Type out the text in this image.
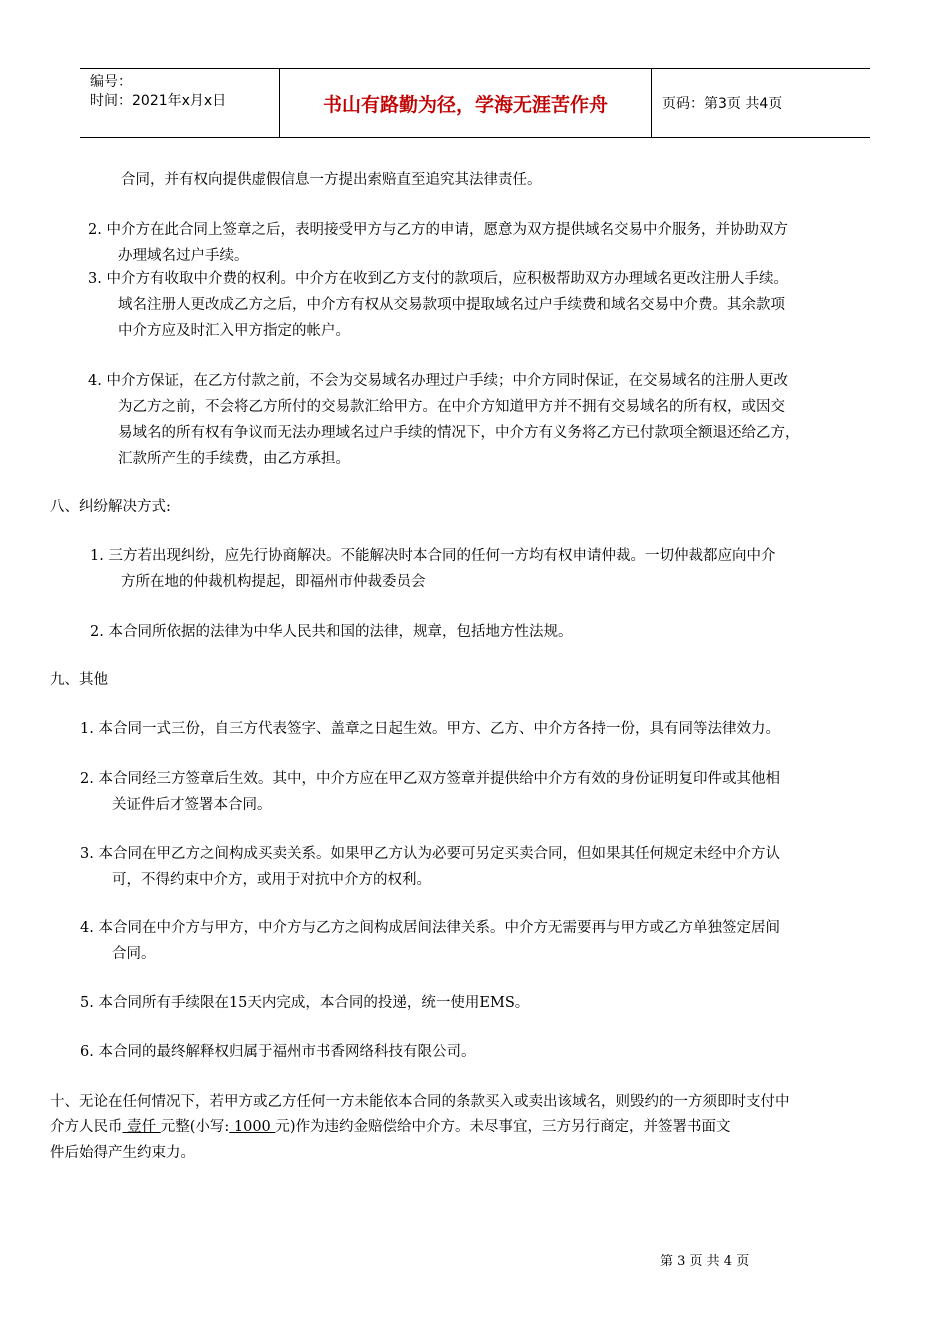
编号：
时间：2021年x月x日	书山有路勤为径，学海无涯苦作舟	页码：第3页 共4页
合同，并有权向提供虚假信息一方提出索赔直至追究其法律责任。
2. 中介方在此合同上签章之后，表明接受甲方与乙方的申请，愿意为双方提供域名交易中介服务，并协助双方
办理域名过户手续。
3. 中介方有收取中介费的权利。中介方在收到乙方支付的款项后，应积极帮助双方办理域名更改注册人手续。
域名注册人更改成乙方之后，中介方有权从交易款项中提取域名过户手续费和域名交易中介费。其余款项
中介方应及时汇入甲方指定的帐户。
4. 中介方保证，在乙方付款之前，不会为交易域名办理过户手续；中介方同时保证，在交易域名的注册人更改
为乙方之前，不会将乙方所付的交易款汇给甲方。在中介方知道甲方并不拥有交易域名的所有权，或因交
易域名的所有权有争议而无法办理域名过户手续的情况下，中介方有义务将乙方已付款项全额退还给乙方，
汇款所产生的手续费，由乙方承担。
八、纠纷解决方式:
1. 三方若出现纠纷，应先行协商解决。不能解决时本合同的任何一方均有权申请仲裁。一切仲裁都应向中介
方所在地的仲裁机构提起，即福州市仲裁委员会
2. 本合同所依据的法律为中华人民共和国的法律，规章，包括地方性法规。
九、其他
1. 本合同一式三份，自三方代表签字、盖章之日起生效。甲方、乙方、中介方各持一份，具有同等法律效力。
2. 本合同经三方签章后生效。其中，中介方应在甲乙双方签章并提供给中介方有效的身份证明复印件或其他相
关证件后才签署本合同。
3. 本合同在甲乙方之间构成买卖关系。如果甲乙方认为必要可另定买卖合同，但如果其任何规定未经中介方认
可，不得约束中介方，或用于对抗中介方的权利。
4. 本合同在中介方与甲方，中介方与乙方之间构成居间法律关系。中介方无需要再与甲方或乙方单独签定居间
合同。
5. 本合同所有手续限在15天内完成，本合同的投递，统一使用EMS。
6. 本合同的最终解释权归属于福州市书香网络科技有限公司。
十、无论在任何情况下，若甲方或乙方任何一方未能依本合同的条款买入或卖出该域名，则毁约的一方须即时支付中
介方人民币 壹仟 元整(小写: 1000 元)作为违约金赔偿给中介方。未尽事宜，三方另行商定，并签署书面文
件后始得产生约束力。
第 3 页 共 4 页
